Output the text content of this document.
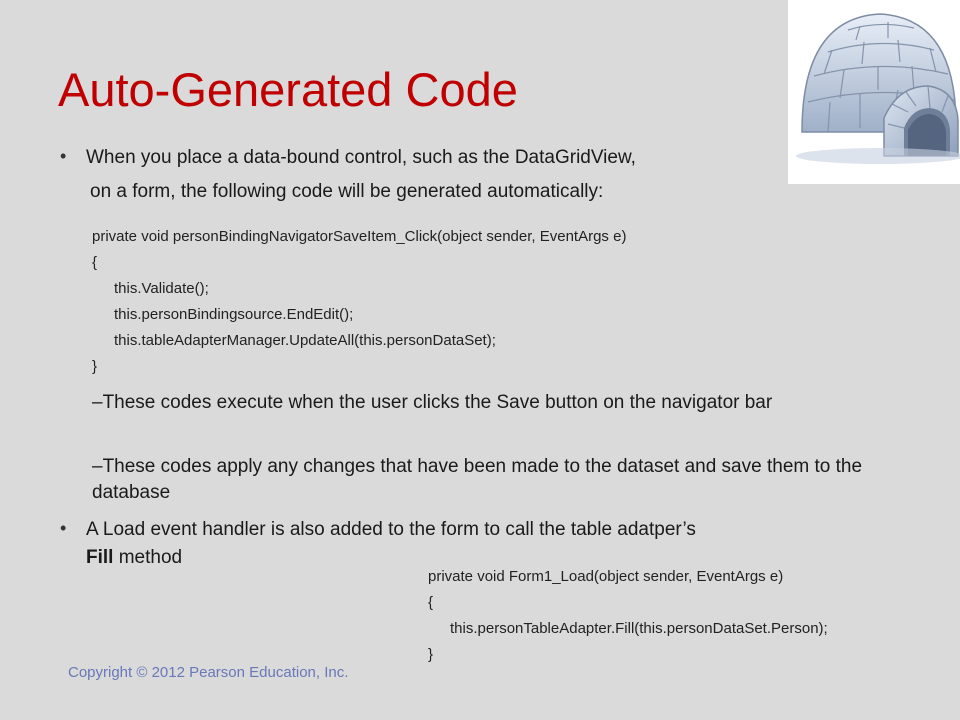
Auto-Generated Code
• When you place a data-bound control, such as the DataGridView,
on a form, the following code will be generated automatically:
private void personBindingNavigatorSaveItem_Click(object sender, EventArgs e)
{
this.Validate();
this.personBindingsource.EndEdit();
this.tableAdapterManager.UpdateAll(this.personDataSet);
}
–These codes execute when the user clicks the Save button on the navigator bar
–These codes apply any changes that have been made to the dataset and save them to the database
• A Load event handler is also added to the form to call the table adatper’s
Fill method
private void Form1_Load(object sender, EventArgs e)
{
this.personTableAdapter.Fill(this.personDataSet.Person);
}
Copyright © 2012 Pearson Education, Inc.
